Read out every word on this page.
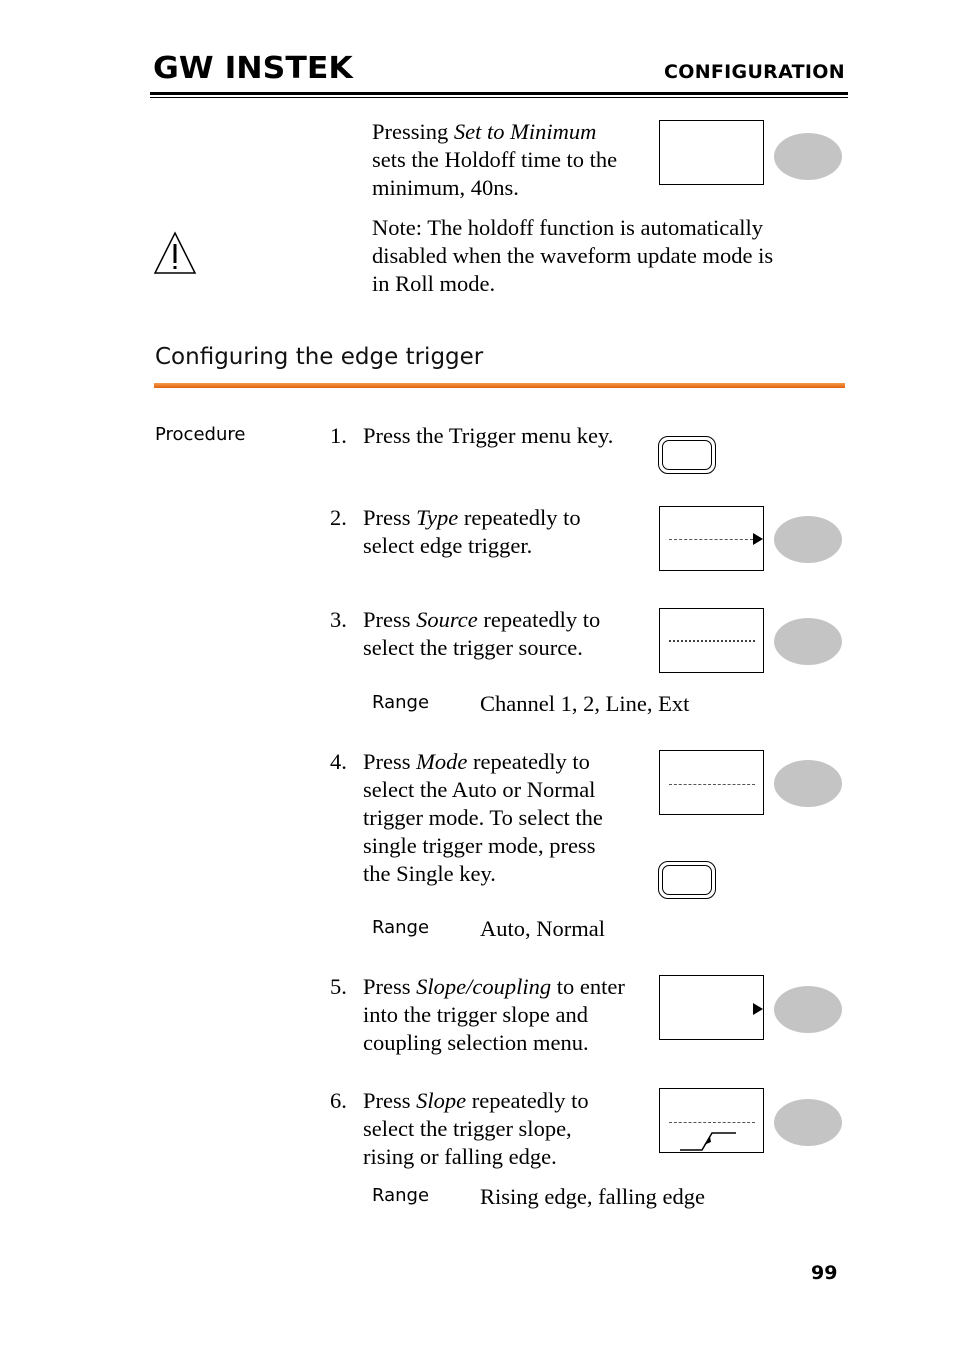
GW INSTEK	CONFIGURATION
Pressing Set to Minimum
sets the Holdoff time to the
minimum, 40ns.
Note: The holdoff function is automatically
disabled when the waveform update mode is
in Roll mode.
Configuring the edge trigger
Procedure	1. Press the Trigger menu key.
2. Press Type repeatedly to
select edge trigger.
3. Press Source repeatedly to
select the trigger source.
Range Channel 1, 2, Line, Ext
4. Press Mode repeatedly to
select the Auto or Normal
trigger mode. To select the
single trigger mode, press
the Single key.
Range Auto, Normal
5. Press Slope/coupling to enter
into the trigger slope and
coupling selection menu.
6. Press Slope repeatedly to
select the trigger slope,
rising or falling edge.
Range Rising edge, falling edge
99
